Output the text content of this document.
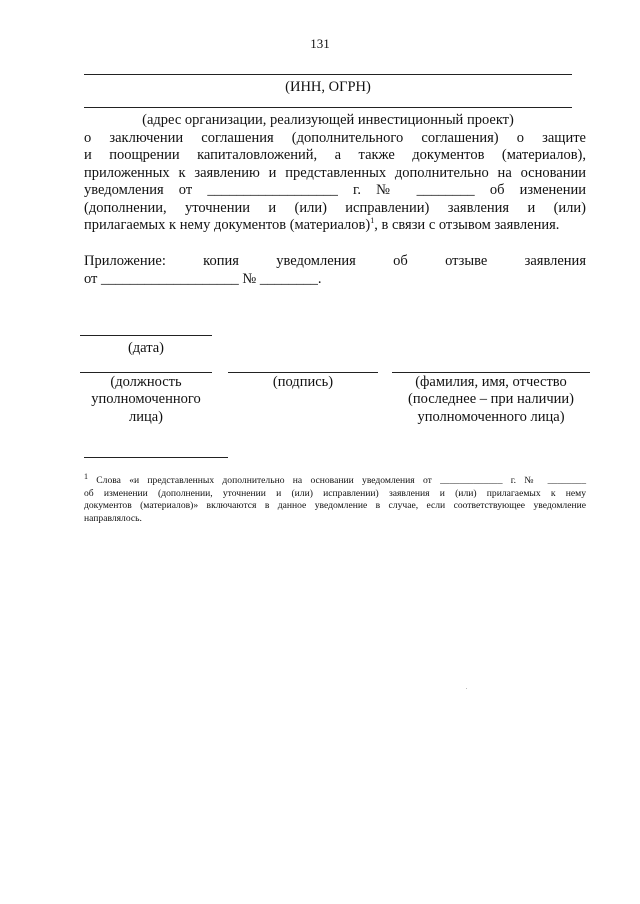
131
(ИНН, ОГРН)
(адрес организации, реализующей инвестиционный проект)
о заключении соглашения (дополнительного соглашения) о защите
и поощрении капиталовложений, а также документов (материалов),
приложенных к заявлению и представленных дополнительно на основании
уведомления от __________________ г. № ________ об изменении
(дополнении, уточнении и (или) исправлении) заявления и (или)
прилагаемых к нему документов (материалов)$^1$, в связи с отзывом заявления.
Приложение:	копия	уведомления	об	отзыве	заявления
от ___________________ № ________.
(дата)
(должность
уполномоченного
лица)
(подпись)	(фамилия, имя, отчество
(последнее – при наличии)
уполномоченного лица)
$^1$ Слова «и представленных дополнительно на основании уведомления от _____________ г. № ________
об изменении (дополнении, уточнении и (или) исправлении) заявления и (или) прилагаемых к нему
документов (материалов)» включаются в данное уведомление в случае, если соответствующее уведомление
направлялось.
